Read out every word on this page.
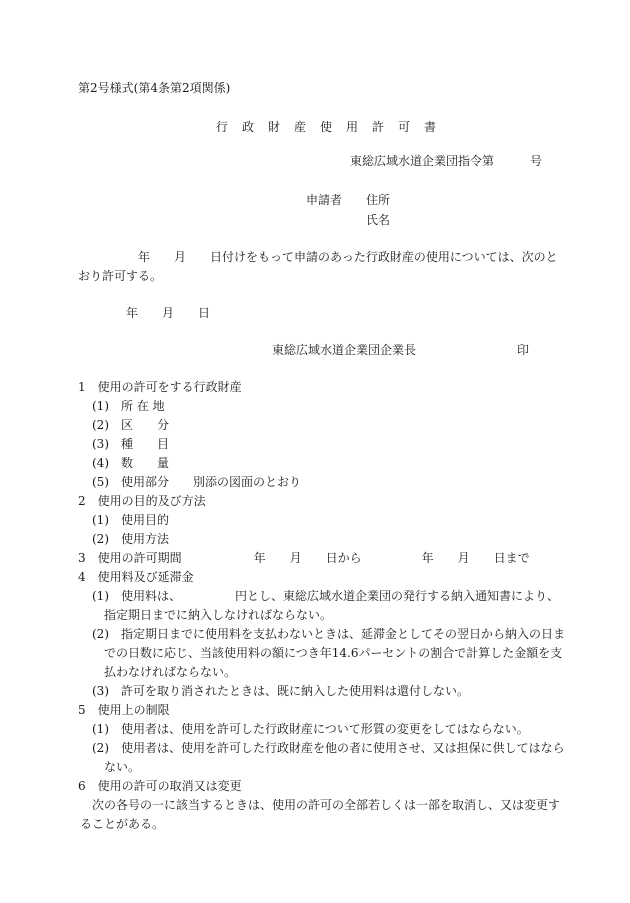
第2号様式(第4条第2項関係)
行	政	財	産	使	用	許	可	書
東総広域水道企業団指令第　　　号
申請者 住所
氏名
年　　月　　日付けをもって申請のあった行政財産の使用については、次のと
おり許可する。
年　　月　　日
東総広域水道企業団企業長	印
1　使用の許可をする行政財産
(1)　所 在 地
(2)　区　　分
(3)　種　　目
(4)　数　　量
(5)　使用部分　　別添の図面のとおり
2　使用の目的及び方法
(1)　使用目的
(2)　使用方法
3　使用の許可期間　　　　　　年　　月　　日から　　　　　年　　月　　日まで
4　使用料及び延滞金
(1)　使用料は、　　　　　円とし、東総広域水道企業団の発行する納入通知書により、
指定期日までに納入しなければならない。
(2)　指定期日までに使用料を支払わないときは、延滞金としてその翌日から納入の日ま
での日数に応じ、当該使用料の額につき年14.6パーセントの割合で計算した金額を支
払わなければならない。
(3)　許可を取り消されたときは、既に納入した使用料は還付しない。
5　使用上の制限
(1)　使用者は、使用を許可した行政財産について形質の変更をしてはならない。
(2)　使用者は、使用を許可した行政財産を他の者に使用させ、又は担保に供してはなら
ない。
6　使用の許可の取消又は変更
次の各号の一に該当するときは、使用の許可の全部若しくは一部を取消し、又は変更す
ることがある。
